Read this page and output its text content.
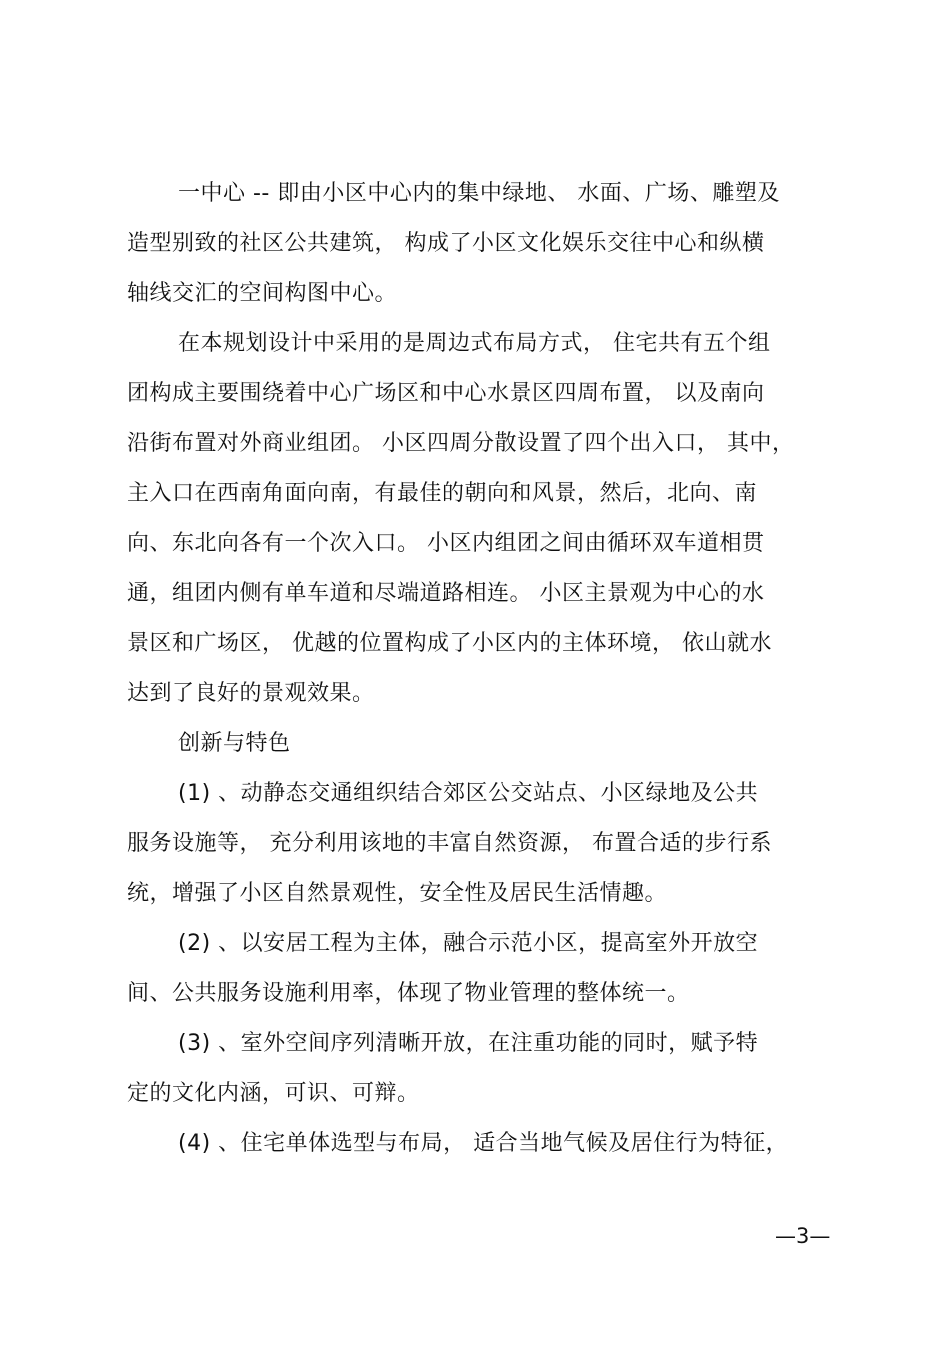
一中心 -- 即由小区中心内的集中绿地、 水面、广场、雕塑及
造型别致的社区公共建筑， 构成了小区文化娱乐交往中心和纵横
轴线交汇的空间构图中心。
在本规划设计中采用的是周边式布局方式， 住宅共有五个组
团构成主要围绕着中心广场区和中心水景区四周布置， 以及南向
沿街布置对外商业组团。 小区四周分散设置了四个出入口， 其中，
主入口在西南角面向南，有最佳的朝向和风景，然后，北向、南
向、东北向各有一个次入口。 小区内组团之间由循环双车道相贯
通，组团内侧有单车道和尽端道路相连。 小区主景观为中心的水
景区和广场区， 优越的位置构成了小区内的主体环境， 依山就水
达到了良好的景观效果。
创新与特色
(1) 、动静态交通组织结合郊区公交站点、小区绿地及公共
服务设施等， 充分利用该地的丰富自然资源， 布置合适的步行系
统，增强了小区自然景观性，安全性及居民生活情趣。
(2) 、以安居工程为主体，融合示范小区，提高室外开放空
间、公共服务设施利用率，体现了物业管理的整体统一。
(3) 、室外空间序列清晰开放，在注重功能的同时，赋予特
定的文化内涵，可识、可辩。
(4) 、住宅单体选型与布局， 适合当地气候及居住行为特征，
—3—
